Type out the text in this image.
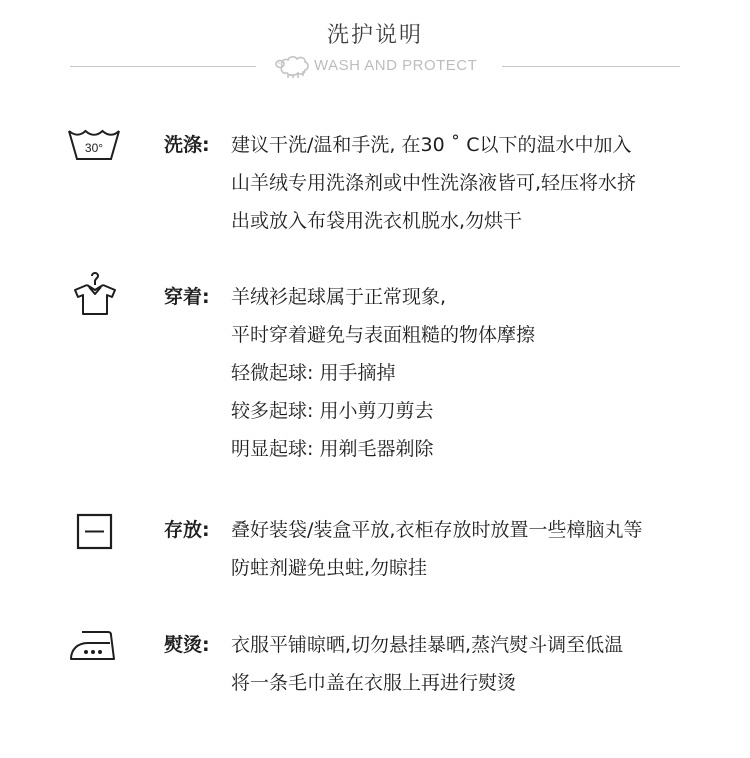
洗护说明
WASH AND PROTECT
30°	洗涤: 建议干洗/温和手洗, 在30 ˚ C以下的温水中加入
山羊绒专用洗涤剂或中性洗涤液皆可,轻压将水挤
出或放入布袋用洗衣机脱水,勿烘干
穿着: 羊绒衫起球属于正常现象,
平时穿着避免与表面粗糙的物体摩擦
轻微起球: 用手摘掉
较多起球: 用小剪刀剪去
明显起球: 用剃毛器剃除
存放: 叠好装袋/装盒平放,衣柜存放时放置一些樟脑丸等
防蛀剂避免虫蛀,勿晾挂
熨烫: 衣服平铺晾晒,切勿悬挂暴晒,蒸汽熨斗调至低温
将一条毛巾盖在衣服上再进行熨烫
